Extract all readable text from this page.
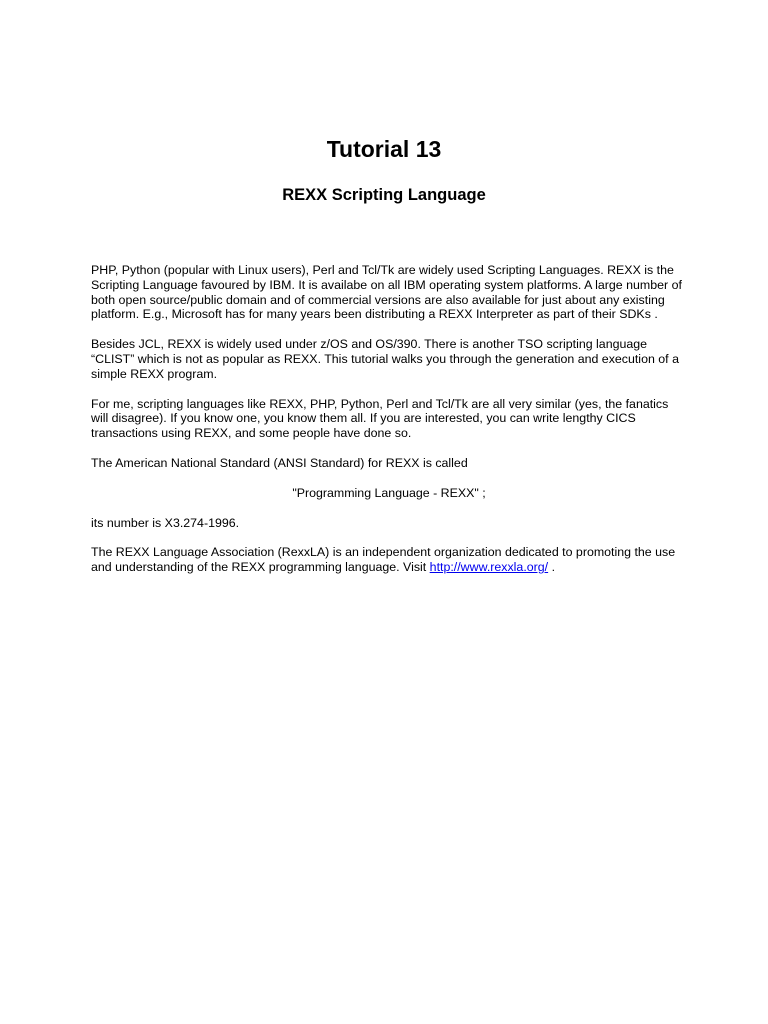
Tutorial 13
REXX Scripting Language

PHP, Python (popular with Linux users), Perl and Tcl/Tk are widely used Scripting Languages. REXX is the Scripting Language favoured by IBM. It is availabe on all IBM operating system platforms. A large number of both open source/public domain and of commercial versions are also available for just about any existing platform. E.g., Microsoft has for many years been distributing a REXX Interpreter as part of their SDKs .

Besides JCL, REXX is widely used under z/OS and OS/390. There is another TSO scripting language “CLIST” which is not as popular as REXX. This tutorial walks you through the generation and execution of a simple REXX program.

For me, scripting languages like REXX, PHP, Python, Perl and Tcl/Tk are all very similar (yes, the fanatics will disagree). If you know one, you know them all. If you are interested, you can write lengthy CICS transactions using REXX, and some people have done so.

The American National Standard (ANSI Standard) for REXX is called

"Programming Language - REXX" ;

its number is X3.274-1996.

The REXX Language Association (RexxLA) is an independent organization dedicated to promoting the use and understanding of the REXX programming language. Visit http://www.rexxla.org/ .
